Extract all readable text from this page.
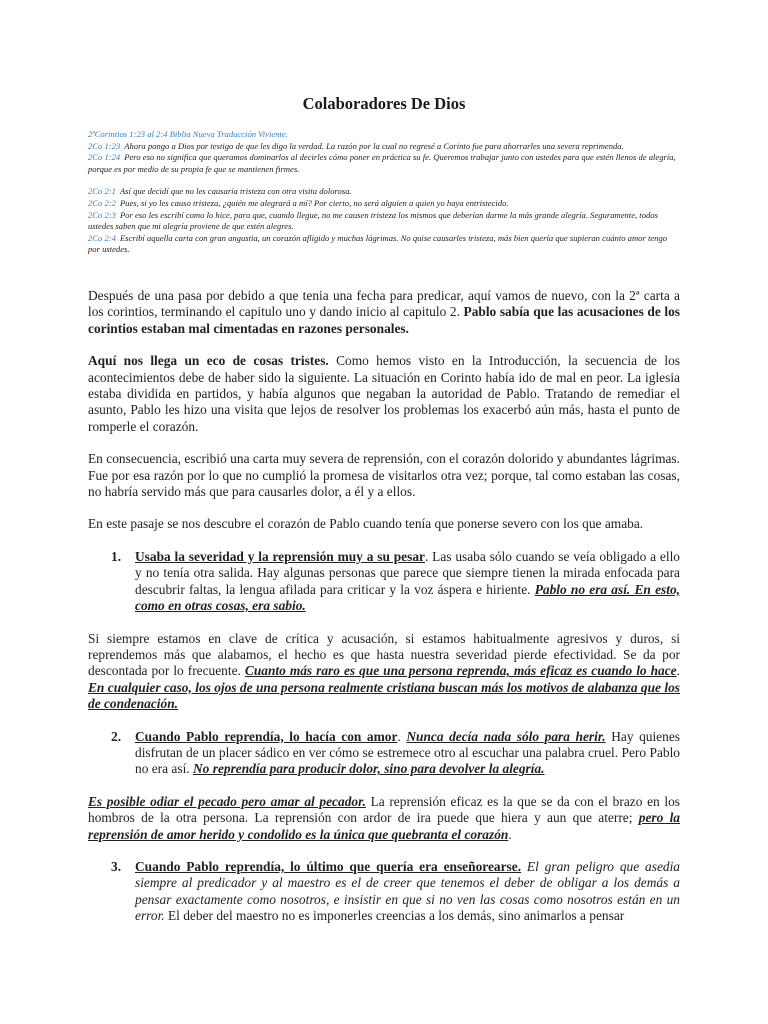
Colaboradores De Dios

2ªCorintios 1:23 al 2:4 Biblia Nueva Traducción Viviente.

2Co 1:23 Ahora pongo a Dios por testigo de que les digo la verdad. La razón por la cual no regresé a Corinto fue para ahorrarles una severa reprimenda.

2Co 1:24 Pero eso no significa que queramos dominarlos al decirles cómo poner en práctica su fe. Queremos trabajar junto con ustedes para que estén llenos de alegría, porque es por medio de su propia fe que se mantienen firmes.

2Co 2:1 Así que decidí que no les causaría tristeza con otra visita dolorosa.

2Co 2:2 Pues, si yo les causo tristeza, ¿quién me alegrará a mí? Por cierto, no será alguien a quien yo haya entristecido.

2Co 2:3 Por eso les escribí como lo hice, para que, cuando llegue, no me causen tristeza los mismos que deberían darme la más grande alegría. Seguramente, todos ustedes saben que mi alegría proviene de que estén alegres.

2Co 2:4 Escribí aquella carta con gran angustia, un corazón afligido y muchas lágrimas. No quise causarles tristeza, más bien quería que supieran cuánto amor tengo por ustedes.

Después de una pasa por debido a que tenia una fecha para predicar, aquí vamos de nuevo, con la 2ª carta a los corintios, terminando el capitulo uno y dando inicio al capitulo 2. Pablo sabía que las acusaciones de los corintios estaban mal cimentadas en razones personales.

Aquí nos llega un eco de cosas tristes. Como hemos visto en la Introducción, la secuencia de los acontecimientos debe de haber sido la siguiente. La situación en Corinto había ido de mal en peor. La iglesia estaba dividida en partidos, y había algunos que negaban la autoridad de Pablo. Tratando de remediar el asunto, Pablo les hizo una visita que lejos de resolver los problemas los exacerbó aún más, hasta el punto de romperle el corazón.

En consecuencia, escribió una carta muy severa de reprensión, con el corazón dolorido y abundantes lágrimas. Fue por esa razón por lo que no cumplió la promesa de visitarlos otra vez; porque, tal como estaban las cosas, no habría servido más que para causarles dolor, a él y a ellos.

En este pasaje se nos descubre el corazón de Pablo cuando tenía que ponerse severo con los que amaba.

1. Usaba la severidad y la reprensión muy a su pesar. Las usaba sólo cuando se veía obligado a ello y no tenía otra salida. Hay algunas personas que parece que siempre tienen la mirada enfocada para descubrir faltas, la lengua afilada para criticar y la voz áspera e hiriente. Pablo no era así. En esto, como en otras cosas, era sabio.

Si siempre estamos en clave de crítica y acusación, si estamos habitualmente agresivos y duros, si reprendemos más que alabamos, el hecho es que hasta nuestra severidad pierde efectividad. Se da por descontada por lo frecuente. Cuanto más raro es que una persona reprenda, más eficaz es cuando lo hace. En cualquier caso, los ojos de una persona realmente cristiana buscan más los motivos de alabanza que los de condenación.

2. Cuando Pablo reprendía, lo hacía con amor. Nunca decía nada sólo para herir. Hay quienes disfrutan de un placer sádico en ver cómo se estremece otro al escuchar una palabra cruel. Pero Pablo no era así. No reprendía para producir dolor, sino para devolver la alegría.

Es posible odiar el pecado pero amar al pecador. La reprensión eficaz es la que se da con el brazo en los hombros de la otra persona. La reprensión con ardor de ira puede que hiera y aun que aterre; pero la reprensión de amor herido y condolido es la única que quebranta el corazón.

3. Cuando Pablo reprendía, lo último que quería era enseñorearse. El gran peligro que asedia siempre al predicador y al maestro es el de creer que tenemos el deber de obligar a los demás a pensar exactamente como nosotros, e insistir en que si no ven las cosas como nosotros están en un error. El deber del maestro no es imponerles creencias a los demás, sino animarlos a pensar
